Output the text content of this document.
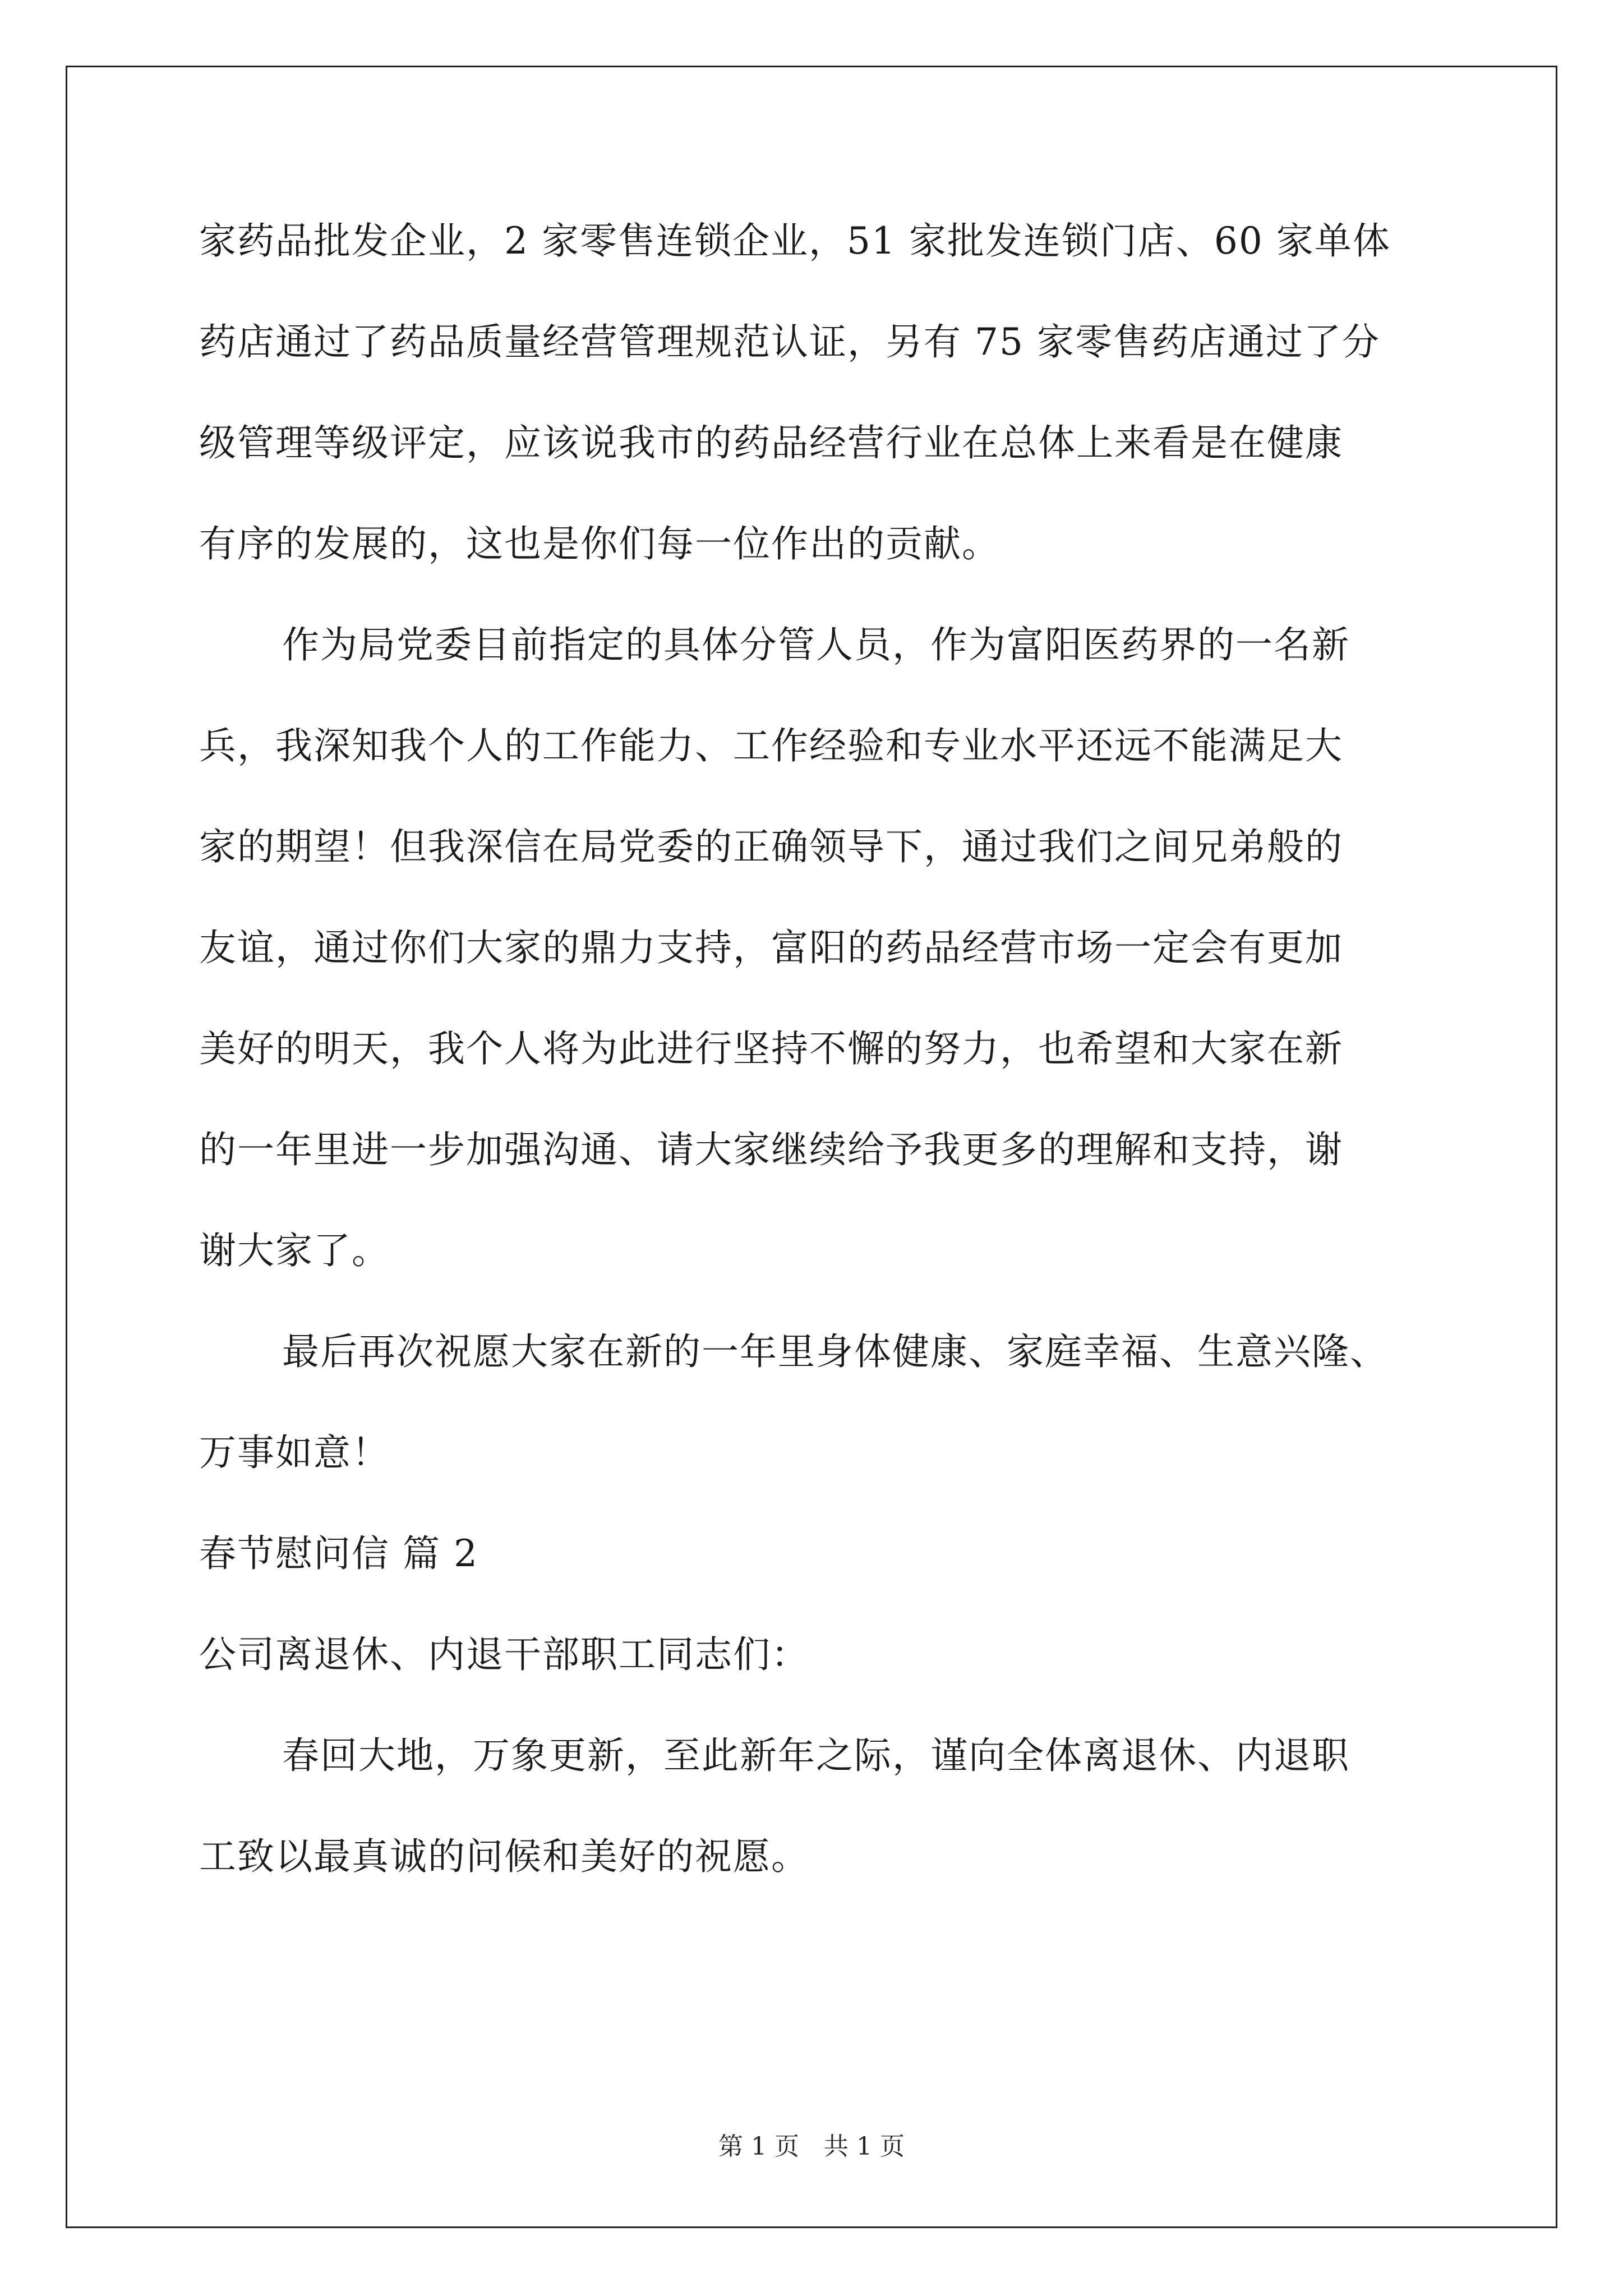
家药品批发企业，2 家零售连锁企业，51 家批发连锁门店、60 家单体
药店通过了药品质量经营管理规范认证，另有 75 家零售药店通过了分
级管理等级评定，应该说我市的药品经营行业在总体上来看是在健康
有序的发展的，这也是你们每一位作出的贡献。
作为局党委目前指定的具体分管人员，作为富阳医药界的一名新
兵，我深知我个人的工作能力、工作经验和专业水平还远不能满足大
家的期望！但我深信在局党委的正确领导下，通过我们之间兄弟般的
友谊，通过你们大家的鼎力支持，富阳的药品经营市场一定会有更加
美好的明天，我个人将为此进行坚持不懈的努力，也希望和大家在新
的一年里进一步加强沟通、请大家继续给予我更多的理解和支持，谢
谢大家了。
最后再次祝愿大家在新的一年里身体健康、家庭幸福、生意兴隆、
万事如意！
春节慰问信 篇 2
公司离退休、内退干部职工同志们：
春回大地，万象更新，至此新年之际，谨向全体离退休、内退职
工致以最真诚的问候和美好的祝愿。
第 1 页　共 1 页
